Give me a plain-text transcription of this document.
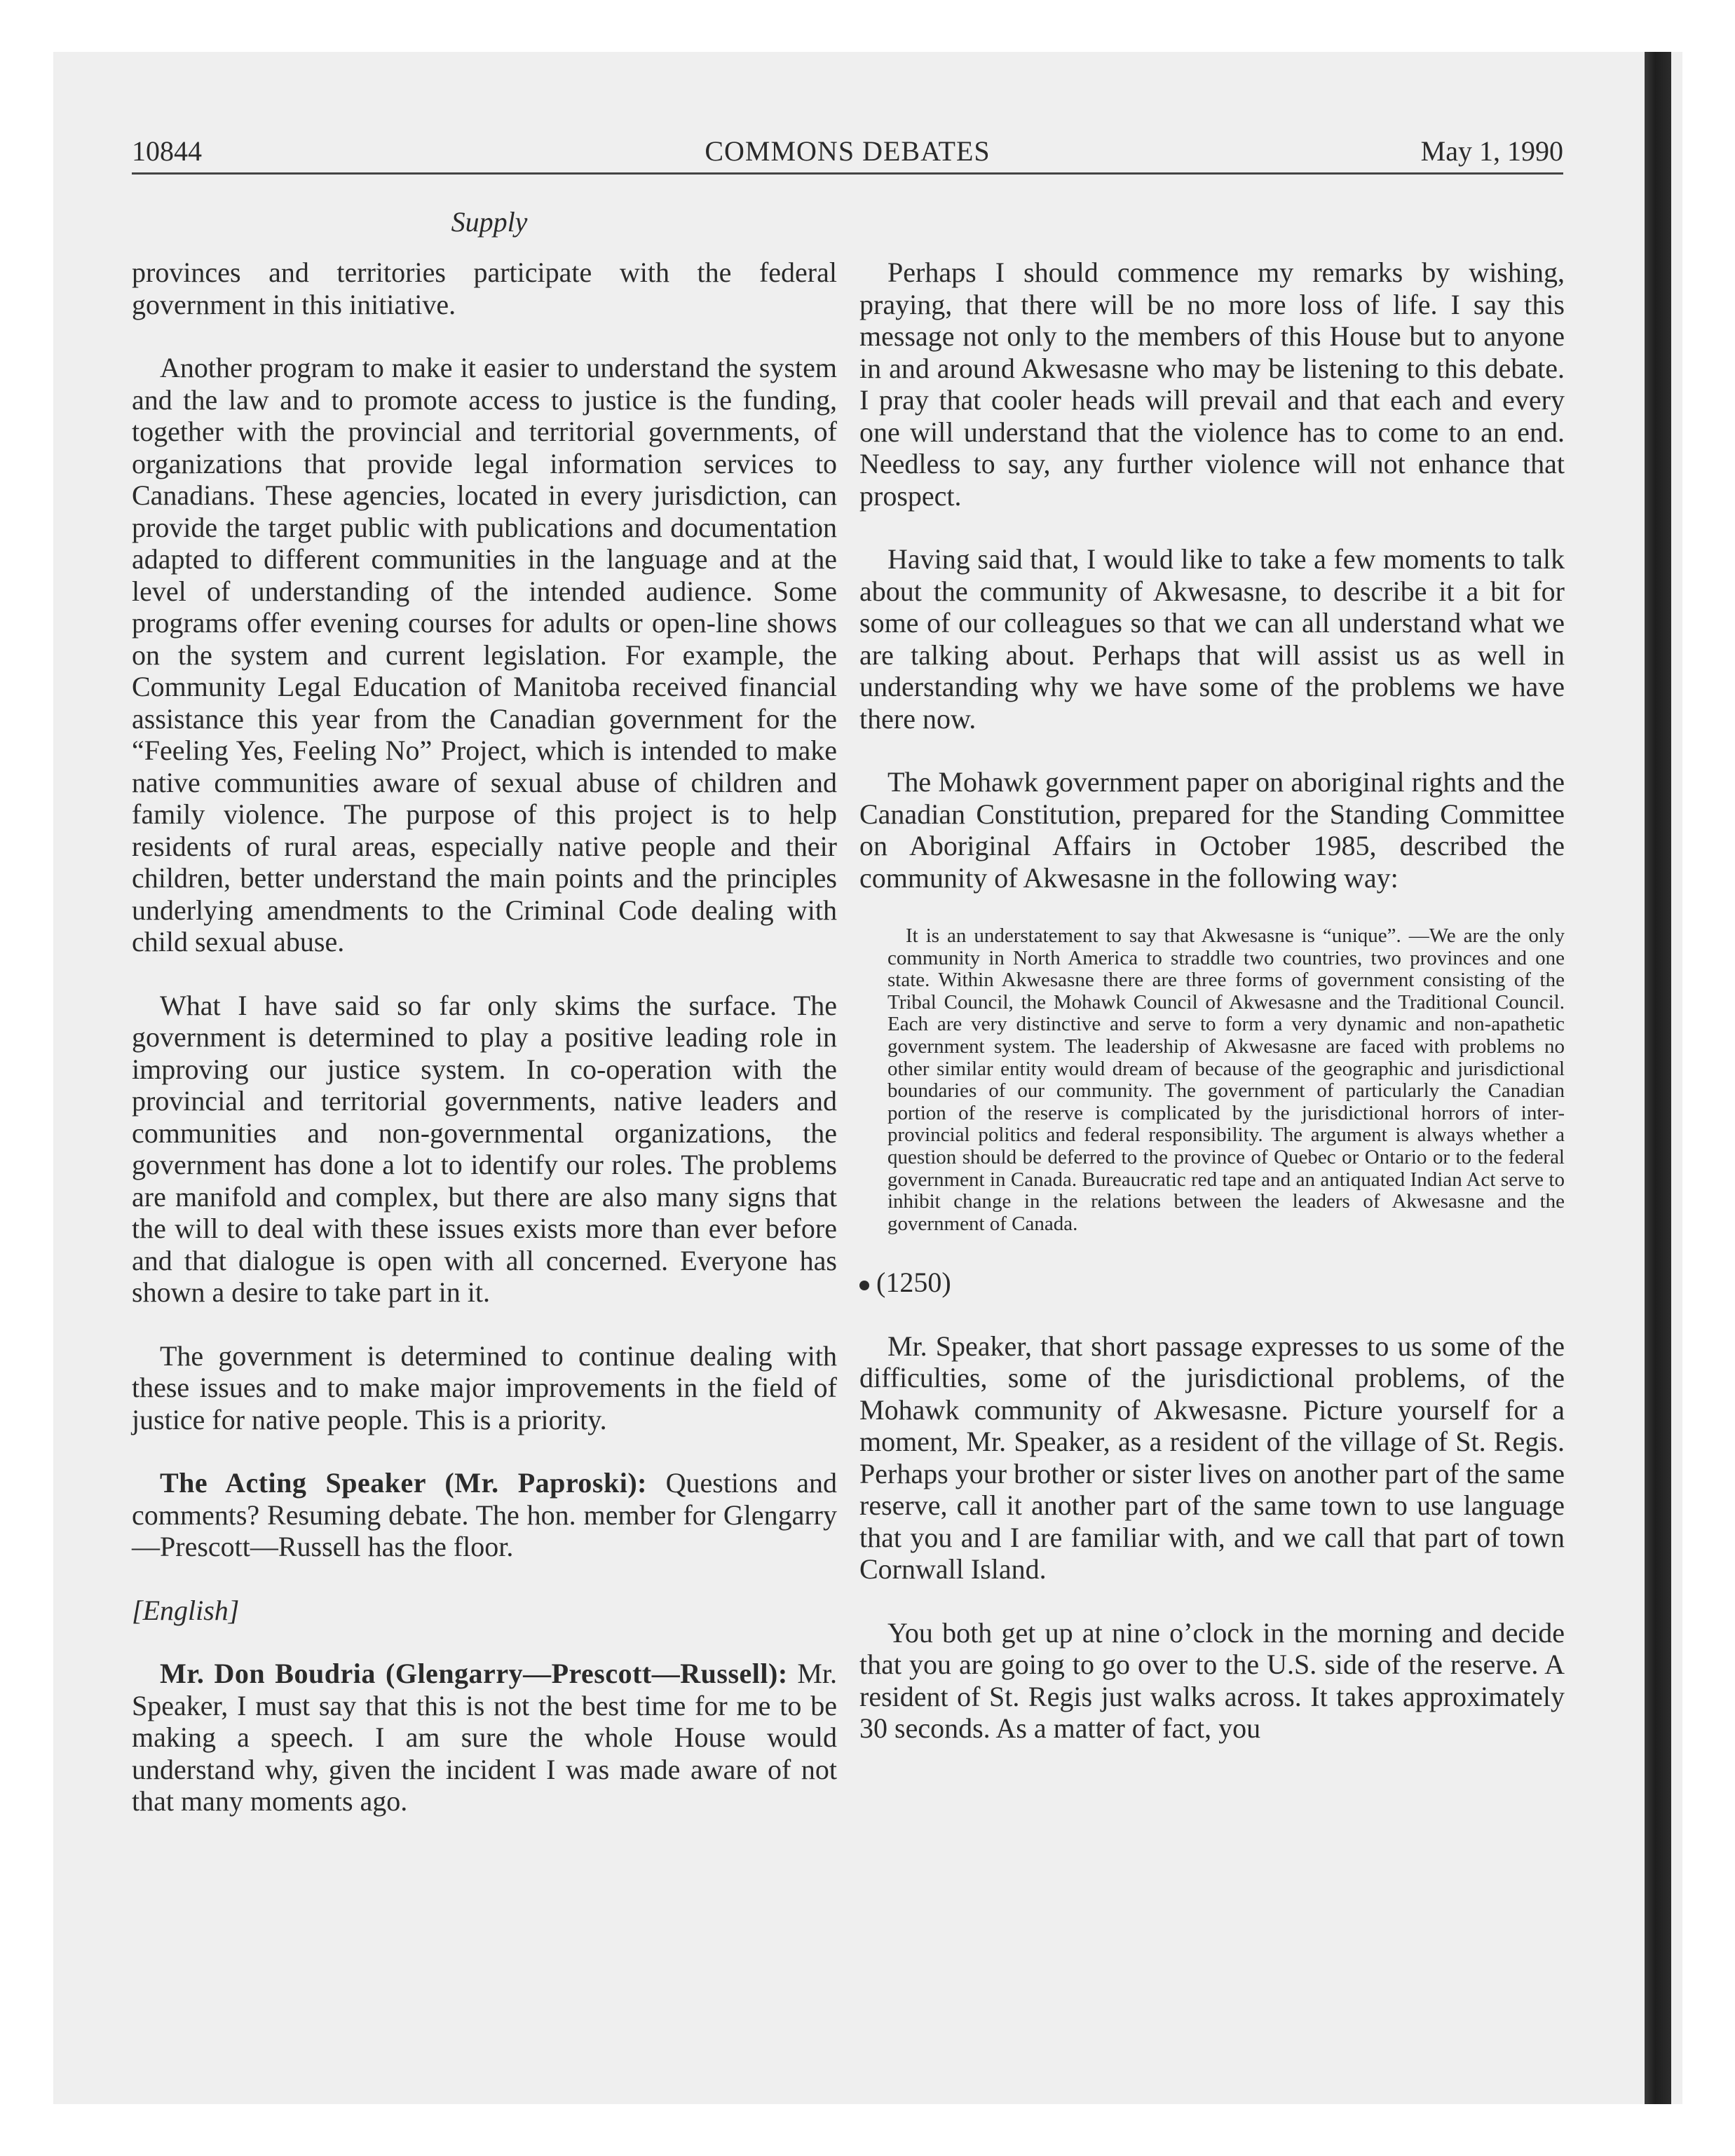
10844	COMMONS DEBATES	May 1, 1990
Supply

provinces and territories participate with the federal government in this initiative.

Another program to make it easier to understand the system and the law and to promote access to justice is the funding, together with the provincial and territorial governments, of organizations that provide legal information services to Canadians. These agencies, located in every jurisdiction, can provide the target public with publications and documentation adapted to different communities in the language and at the level of understanding of the intended audience. Some programs offer evening courses for adults or open-line shows on the system and current legislation. For example, the Community Legal Education of Manitoba received financial assistance this year from the Canadian government for the “Feeling Yes, Feeling No” Project, which is intended to make native communities aware of sexual abuse of children and family violence. The purpose of this project is to help residents of rural areas, especially native people and their children, better understand the main points and the principles underlying amendments to the Criminal Code dealing with child sexual abuse.

What I have said so far only skims the surface. The government is determined to play a positive leading role in improving our justice system. In co-operation with the provincial and territorial governments, native leaders and communities and non-governmental organizations, the government has done a lot to identify our roles. The problems are manifold and complex, but there are also many signs that the will to deal with these issues exists more than ever before and that dialogue is open with all concerned. Everyone has shown a desire to take part in it.

The government is determined to continue dealing with these issues and to make major improvements in the field of justice for native people. This is a priority.

The Acting Speaker (Mr. Paproski): Questions and comments? Resuming debate. The hon. member for Glengarry—Prescott—Russell has the floor.

[English]

Mr. Don Boudria (Glengarry—Prescott—Russell): Mr. Speaker, I must say that this is not the best time for me to be making a speech. I am sure the whole House would understand why, given the incident I was made aware of not that many moments ago.

Perhaps I should commence my remarks by wishing, praying, that there will be no more loss of life. I say this message not only to the members of this House but to anyone in and around Akwesasne who may be listening to this debate. I pray that cooler heads will prevail and that each and every one will understand that the violence has to come to an end. Needless to say, any further violence will not enhance that prospect.

Having said that, I would like to take a few moments to talk about the community of Akwesasne, to describe it a bit for some of our colleagues so that we can all understand what we are talking about. Perhaps that will assist us as well in understanding why we have some of the problems we have there now.

The Mohawk government paper on aboriginal rights and the Canadian Constitution, prepared for the Standing Committee on Aboriginal Affairs in October 1985, described the community of Akwesasne in the following way:

It is an understatement to say that Akwesasne is “unique”. —We are the only community in North America to straddle two countries, two provinces and one state. Within Akwesasne there are three forms of government consisting of the Tribal Council, the Mohawk Council of Akwesasne and the Traditional Council. Each are very distinctive and serve to form a very dynamic and non-apathetic government system. The leadership of Akwesasne are faced with problems no other similar entity would dream of because of the geographic and jurisdictional boundaries of our community. The government of particularly the Canadian portion of the reserve is complicated by the jurisdictional horrors of inter-provincial politics and federal responsibility. The argument is always whether a question should be deferred to the province of Quebec or Ontario or to the federal government in Canada. Bureaucratic red tape and an antiquated Indian Act serve to inhibit change in the relations between the leaders of Akwesasne and the government of Canada.

(1250)

Mr. Speaker, that short passage expresses to us some of the difficulties, some of the jurisdictional problems, of the Mohawk community of Akwesasne. Picture yourself for a moment, Mr. Speaker, as a resident of the village of St. Regis. Perhaps your brother or sister lives on another part of the same reserve, call it another part of the same town to use language that you and I are familiar with, and we call that part of town Cornwall Island.

You both get up at nine o’clock in the morning and decide that you are going to go over to the U.S. side of the reserve. A resident of St. Regis just walks across. It takes approximately 30 seconds. As a matter of fact, you
